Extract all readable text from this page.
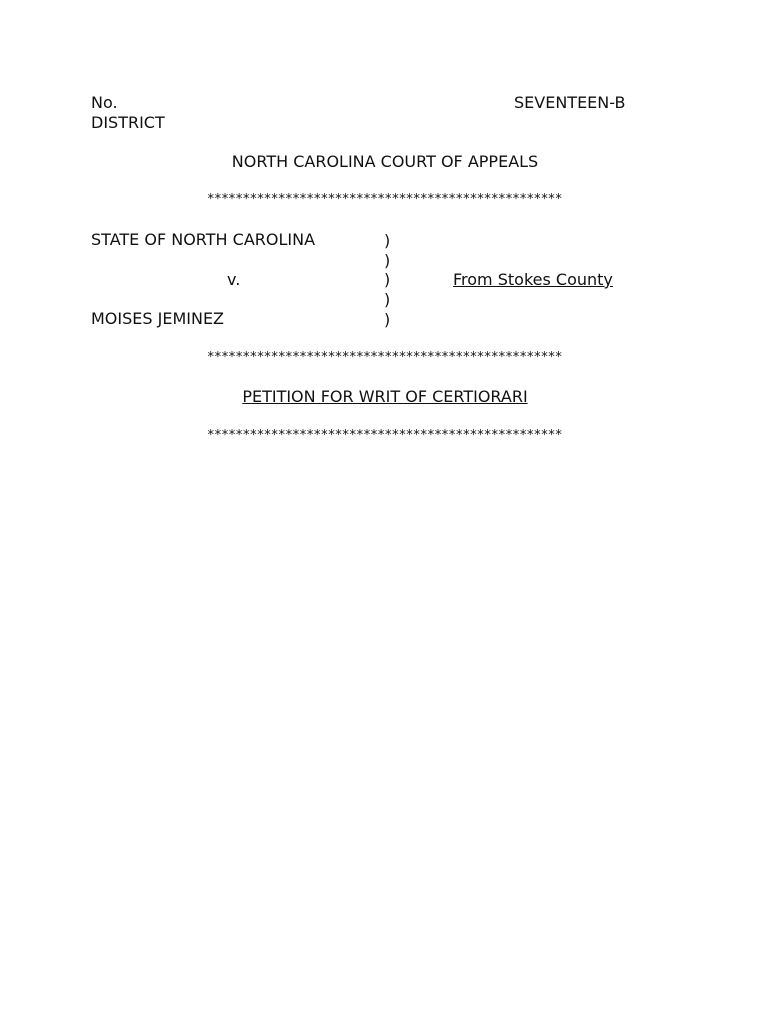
No.	SEVENTEEN-B
DISTRICT
NORTH CAROLINA COURT OF APPEALS
**************************************************
STATE OF NORTH CAROLINA
v.
MOISES JEMINEZ
)
)
)
)
)
From Stokes County
**************************************************
PETITION FOR WRIT OF CERTIORARI
**************************************************
